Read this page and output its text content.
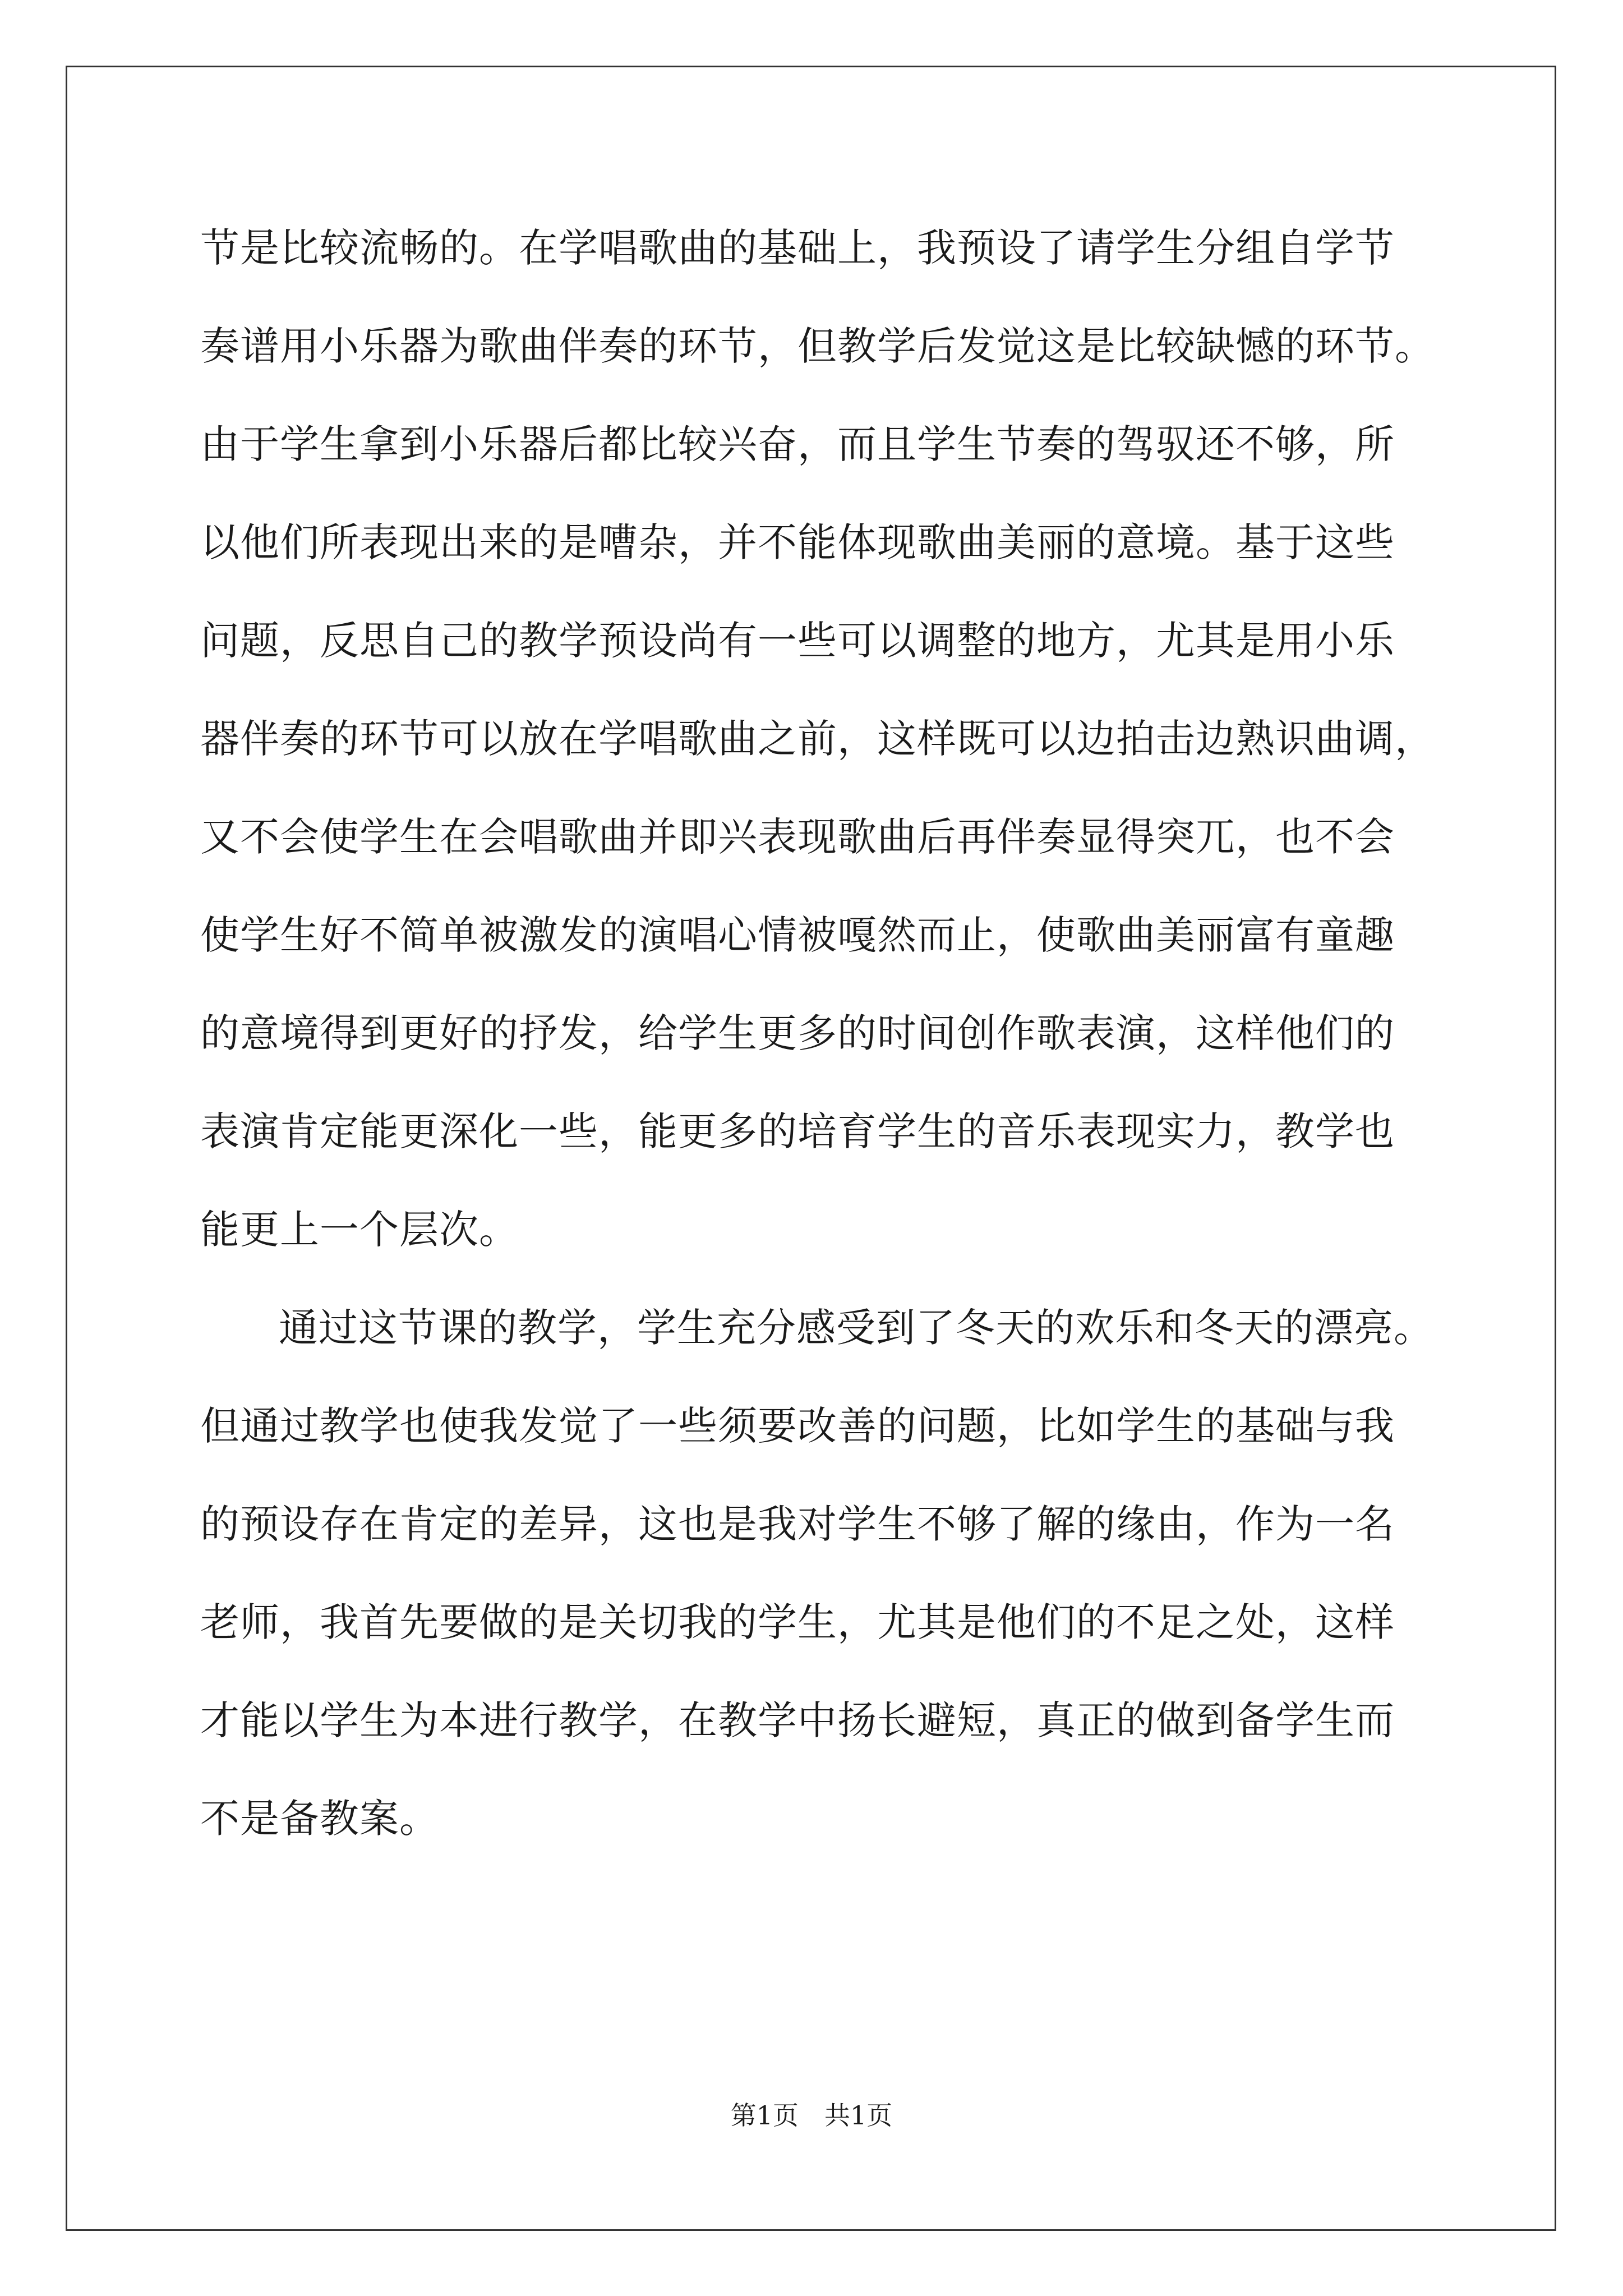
节是比较流畅的。在学唱歌曲的基础上，我预设了请学生分组自学节
奏谱用小乐器为歌曲伴奏的环节，但教学后发觉这是比较缺憾的环节。
由于学生拿到小乐器后都比较兴奋，而且学生节奏的驾驭还不够，所
以他们所表现出来的是嘈杂，并不能体现歌曲美丽的意境。基于这些
问题，反思自己的教学预设尚有一些可以调整的地方，尤其是用小乐
器伴奏的环节可以放在学唱歌曲之前，这样既可以边拍击边熟识曲调，
又不会使学生在会唱歌曲并即兴表现歌曲后再伴奏显得突兀，也不会
使学生好不简单被激发的演唱心情被嘎然而止，使歌曲美丽富有童趣
的意境得到更好的抒发，给学生更多的时间创作歌表演，这样他们的
表演肯定能更深化一些，能更多的培育学生的音乐表现实力，教学也
能更上一个层次。
通过这节课的教学，学生充分感受到了冬天的欢乐和冬天的漂亮。
但通过教学也使我发觉了一些须要改善的问题，比如学生的基础与我
的预设存在肯定的差异，这也是我对学生不够了解的缘由，作为一名
老师，我首先要做的是关切我的学生，尤其是他们的不足之处，这样
才能以学生为本进行教学，在教学中扬长避短，真正的做到备学生而
不是备教案。
第1页　共1页
